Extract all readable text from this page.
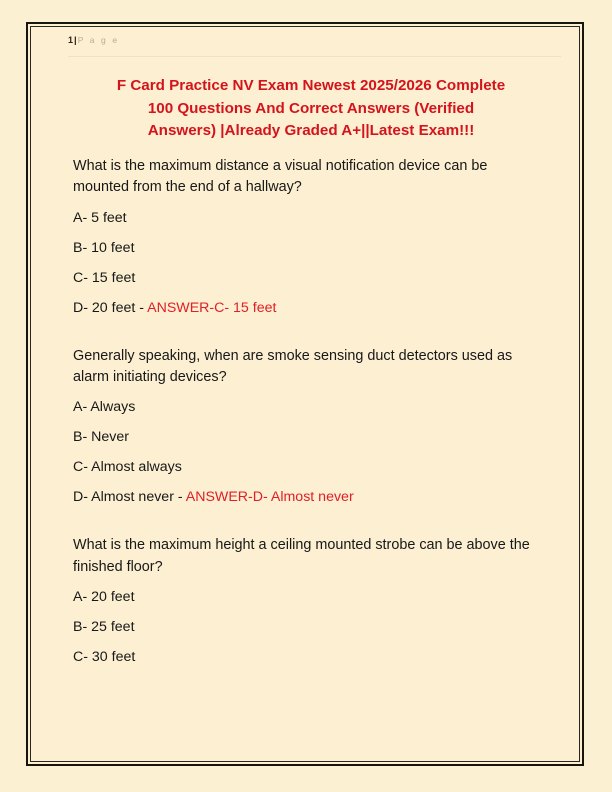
1 | P a g e
F Card Practice NV Exam Newest 2025/2026 Complete
100 Questions And Correct Answers (Verified
Answers) |Already Graded A+||Latest Exam!!!

What is the maximum distance a visual notification device can be mounted from the end of a hallway?

A- 5 feet

B- 10 feet

C- 15 feet

D- 20 feet - ANSWER-C- 15 feet

Generally speaking, when are smoke sensing duct detectors used as alarm initiating devices?

A- Always

B- Never

C- Almost always

D- Almost never - ANSWER-D- Almost never

What is the maximum height a ceiling mounted strobe can be above the finished floor?

A- 20 feet

B- 25 feet

C- 30 feet
